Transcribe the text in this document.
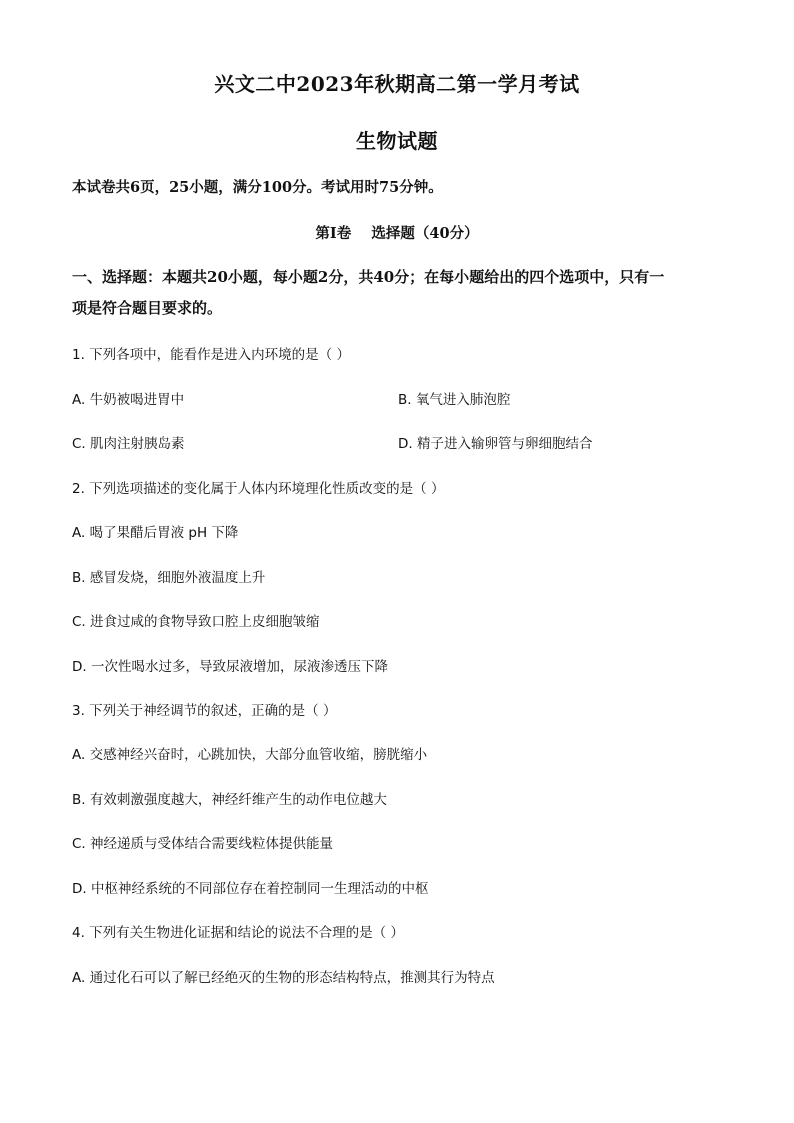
兴文二中2023年秋期高二第一学月考试
生物试题
本试卷共6页，25小题，满分100分。考试用时75分钟。
第Ⅰ卷    选择题（40分）
一、选择题：本题共20小题，每小题2分，共40分；在每小题给出的四个选项中，只有一
项是符合题目要求的。
1. 下列各项中，能看作是进入内环境的是（ ）
A. 牛奶被喝进胃中	B. 氧气进入肺泡腔
C. 肌肉注射胰岛素	D. 精子进入输卵管与卵细胞结合
2. 下列选项描述的变化属于人体内环境理化性质改变的是（ ）
A. 喝了果醋后胃液 pH 下降
B. 感冒发烧，细胞外液温度上升
C. 进食过咸的食物导致口腔上皮细胞皱缩
D. 一次性喝水过多，导致尿液增加，尿液渗透压下降
3. 下列关于神经调节的叙述，正确的是（ ）
A. 交感神经兴奋时，心跳加快，大部分血管收缩，膀胱缩小
B. 有效刺激强度越大，神经纤维产生的动作电位越大
C. 神经递质与受体结合需要线粒体提供能量
D. 中枢神经系统的不同部位存在着控制同一生理活动的中枢
4. 下列有关生物进化证据和结论的说法不合理的是（ ）
A. 通过化石可以了解已经绝灭的生物的形态结构特点，推测其行为特点
